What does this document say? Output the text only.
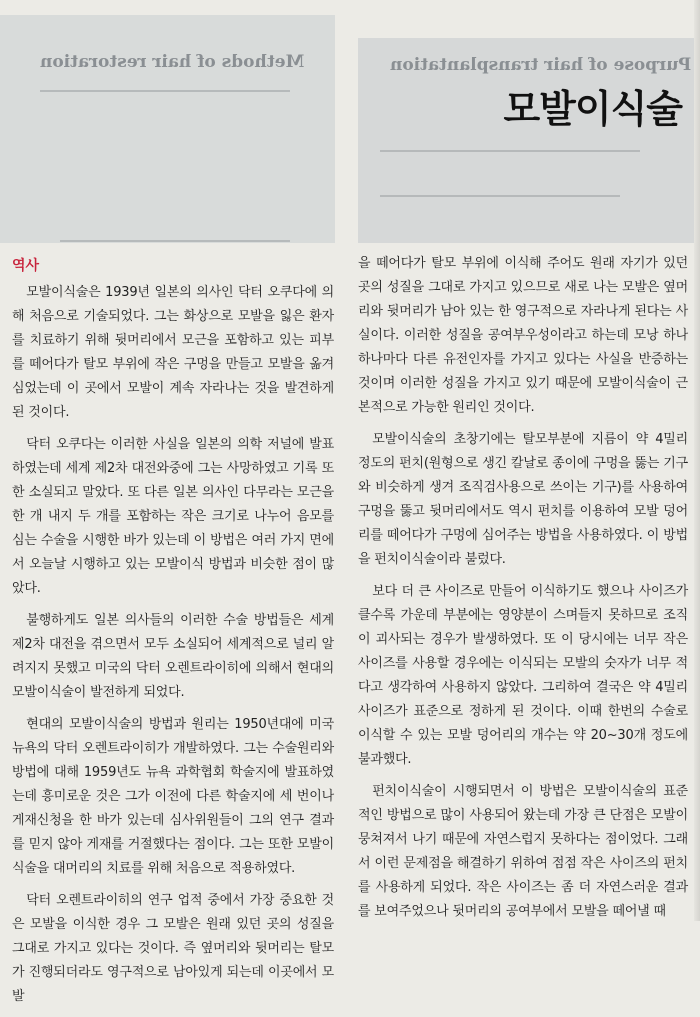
Methods of hair restoration	Purpose of hair transplantation
모발이식술
역사

모발이식술은 1939년 일본의 의사인 닥터 오쿠다에 의해 처음으로 기술되었다. 그는 화상으로 모발을 잃은 환자를 치료하기 위해 뒷머리에서 모근을 포함하고 있는 피부를 떼어다가 탈모 부위에 작은 구멍을 만들고 모발을 옮겨 심었는데 이 곳에서 모발이 계속 자라나는 것을 발견하게 된 것이다.

닥터 오쿠다는 이러한 사실을 일본의 의학 저널에 발표하였는데 세계 제2차 대전와중에 그는 사망하였고 기록 또한 소실되고 말았다. 또 다른 일본 의사인 다무라는 모근을 한 개 내지 두 개를 포함하는 작은 크기로 나누어 음모를 심는 수술을 시행한 바가 있는데 이 방법은 여러 가지 면에서 오늘날 시행하고 있는 모발이식 방법과 비슷한 점이 많았다.

불행하게도 일본 의사들의 이러한 수술 방법들은 세계 제2차 대전을 겪으면서 모두 소실되어 세계적으로 널리 알려지지 못했고 미국의 닥터 오렌트라이히에 의해서 현대의 모발이식술이 발전하게 되었다.

현대의 모발이식술의 방법과 원리는 1950년대에 미국 뉴욕의 닥터 오렌트라이히가 개발하였다. 그는 수술원리와 방법에 대해 1959년도 뉴욕 과학협회 학술지에 발표하였는데 흥미로운 것은 그가 이전에 다른 학술지에 세 번이나 게재신청을 한 바가 있는데 심사위원들이 그의 연구 결과를 믿지 않아 게재를 거절했다는 점이다. 그는 또한 모발이식술을 대머리의 치료를 위해 처음으로 적용하였다.

닥터 오렌트라이히의 연구 업적 중에서 가장 중요한 것은 모발을 이식한 경우 그 모발은 원래 있던 곳의 성질을 그대로 가지고 있다는 것이다. 즉 옆머리와 뒷머리는 탈모가 진행되더라도 영구적으로 남아있게 되는데 이곳에서 모발

을 떼어다가 탈모 부위에 이식해 주어도 원래 자기가 있던 곳의 성질을 그대로 가지고 있으므로 새로 나는 모발은 옆머리와 뒷머리가 남아 있는 한 영구적으로 자라나게 된다는 사실이다. 이러한 성질을 공여부우성이라고 하는데 모낭 하나하나마다 다른 유전인자를 가지고 있다는 사실을 반증하는 것이며 이러한 성질을 가지고 있기 때문에 모발이식술이 근본적으로 가능한 원리인 것이다.

모발이식술의 초창기에는 탈모부분에 지름이 약 4밀리 정도의 펀치(원형으로 생긴 칼날로 종이에 구멍을 뚫는 기구와 비슷하게 생겨 조직검사용으로 쓰이는 기구)를 사용하여 구멍을 뚫고 뒷머리에서도 역시 펀치를 이용하여 모발 덩어리를 떼어다가 구멍에 심어주는 방법을 사용하였다. 이 방법을 펀치이식술이라 불렀다.

보다 더 큰 사이즈로 만들어 이식하기도 했으나 사이즈가 클수록 가운데 부분에는 영양분이 스며들지 못하므로 조직이 괴사되는 경우가 발생하였다. 또 이 당시에는 너무 작은 사이즈를 사용할 경우에는 이식되는 모발의 숫자가 너무 적다고 생각하여 사용하지 않았다. 그리하여 결국은 약 4밀리 사이즈가 표준으로 정하게 된 것이다. 이때 한번의 수술로 이식할 수 있는 모발 덩어리의 개수는 약 20~30개 정도에 불과했다.

펀치이식술이 시행되면서 이 방법은 모발이식술의 표준적인 방법으로 많이 사용되어 왔는데 가장 큰 단점은 모발이 뭉쳐져서 나기 때문에 자연스럽지 못하다는 점이었다. 그래서 이런 문제점을 해결하기 위하여 점점 작은 사이즈의 펀치를 사용하게 되었다. 작은 사이즈는 좀 더 자연스러운 결과를 보여주었으나 뒷머리의 공여부에서 모발을 떼어낼 때
